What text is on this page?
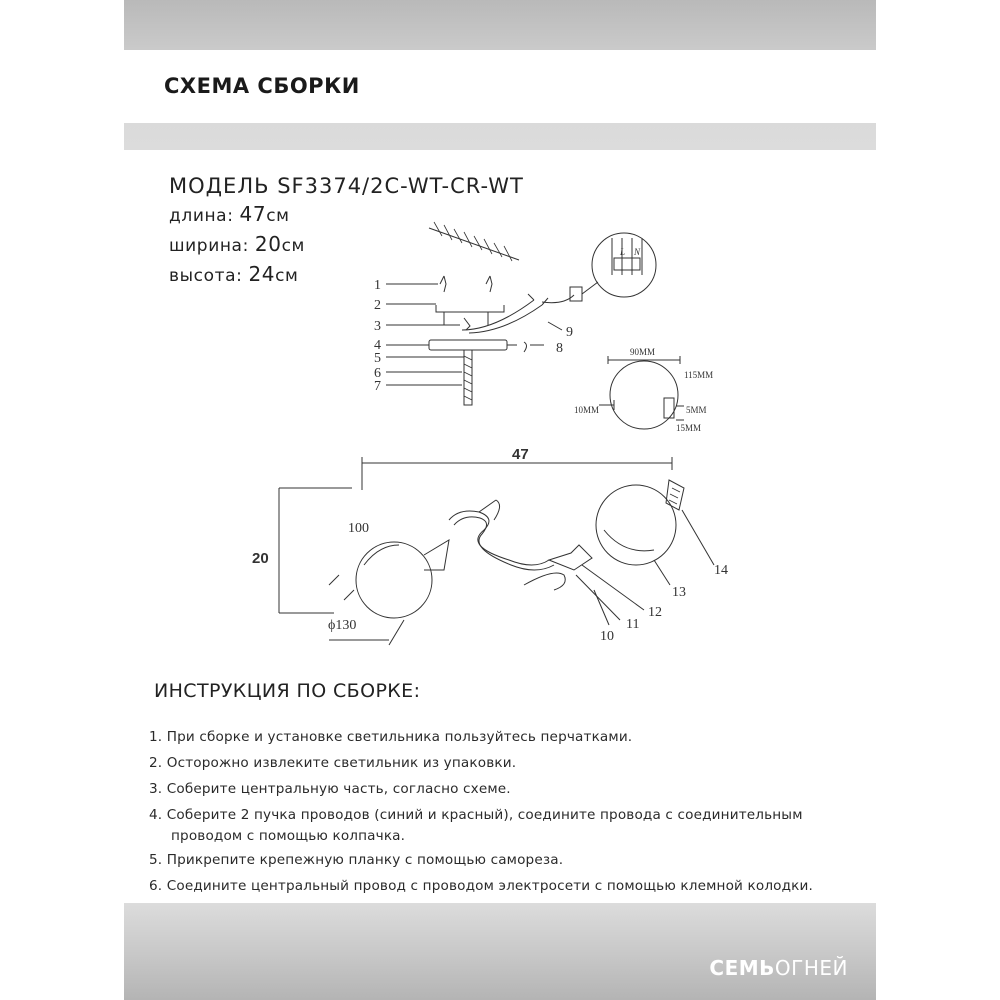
СХЕМА СБОРКИ
МОДЕЛЬ SF3374/2C-WT-CR-WT
длина: 47см
ширина: 20см
высота: 24см	1
2
3
4
5
6
7
8
9
10
11
12
13
14
L N
90MM
115MM
10MM	5MM
15MM
47
20
100
ϕ130
ИНСТРУКЦИЯ ПО СБОРКЕ:
1. При сборке и установке светильника пользуйтесь перчатками.
2. Осторожно извлеките светильник из упаковки.
3. Соберите центральную часть, согласно схеме.
4. Соберите 2 пучка проводов (синий и красный), соедините провода с соединительным
проводом с помощью колпачка.
5. Прикрепите крепежную планку с помощью самореза.
6. Соедините центральный провод с проводом электросети с помощью клемной колодки.
СЕМЬОГНЕЙ
